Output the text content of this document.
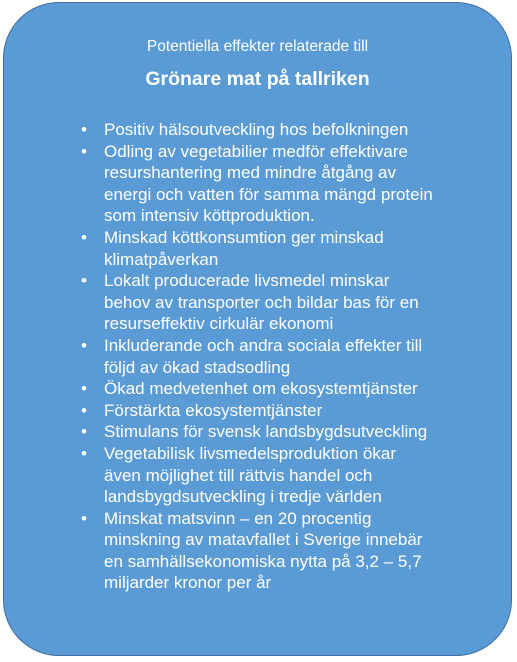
Potentiella effekter relaterade till
Grönare mat på tallriken
• Positiv hälsoutveckling hos befolkningen
• Odling av vegetabilier medför effektivare
resurshantering med mindre åtgång av
energi och vatten för samma mängd protein
som intensiv köttproduktion.
• Minskad köttkonsumtion ger minskad
klimatpåverkan
• Lokalt producerade livsmedel minskar
behov av transporter och bildar bas för en
resurseffektiv cirkulär ekonomi
• Inkluderande och andra sociala effekter till
följd av ökad stadsodling
• Ökad medvetenhet om ekosystemtjänster
• Förstärkta ekosystemtjänster
• Stimulans för svensk landsbygdsutveckling
• Vegetabilisk livsmedelsproduktion ökar
även möjlighet till rättvis handel och
landsbygdsutveckling i tredje världen
• Minskat matsvinn – en 20 procentig
minskning av matavfallet i Sverige innebär
en samhällsekonomiska nytta på 3,2 – 5,7
miljarder kronor per år
